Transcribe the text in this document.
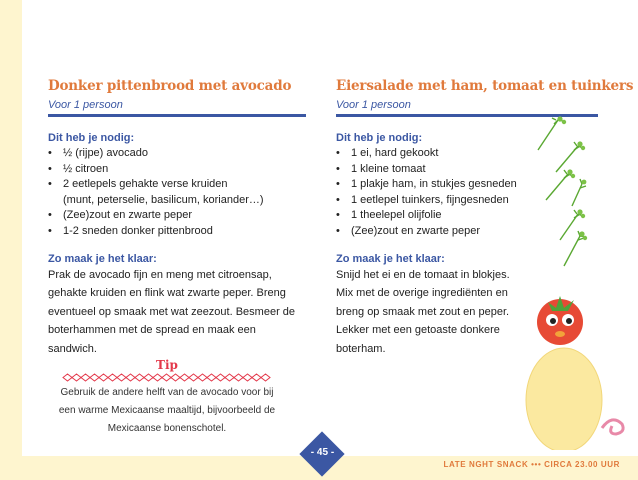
Donker pittenbrood met avocado
Voor 1 persoon
Dit heb je nodig:
• ½ (rijpe) avocado
• ½ citroen
• 2 eetlepels gehakte verse kruiden
(munt, peterselie, basilicum, koriander…)
• (Zee)zout en zwarte peper
• 1-2 sneden donker pittenbrood
Zo maak je het klaar:
Prak de avocado fijn en meng met citroensap, gehakte kruiden en flink wat zwarte peper. Breng eventueel op smaak met wat zeezout. Besmeer de boterhammen met de spread en maak een sandwich.
Tip
Gebruik de andere helft van de avocado voor bij een warme Mexicaanse maaltijd, bijvoorbeeld de Mexicaanse bonenschotel.
Eiersalade met ham, tomaat en tuinkers
Voor 1 persoon
Dit heb je nodig:
• 1 ei, hard gekookt
• 1 kleine tomaat
• 1 plakje ham, in stukjes gesneden
• 1 eetlepel tuinkers, fijngesneden
• 1 theelepel olijfolie
• (Zee)zout en zwarte peper
Zo maak je het klaar:
Snijd het ei en de tomaat in blokjes. Mix met de overige ingrediënten en breng op smaak met zout en peper. Lekker met een getoaste donkere boterham.
- 45 -
LATE NGHT SNACK ••• CIRCA 23.00 UUR
